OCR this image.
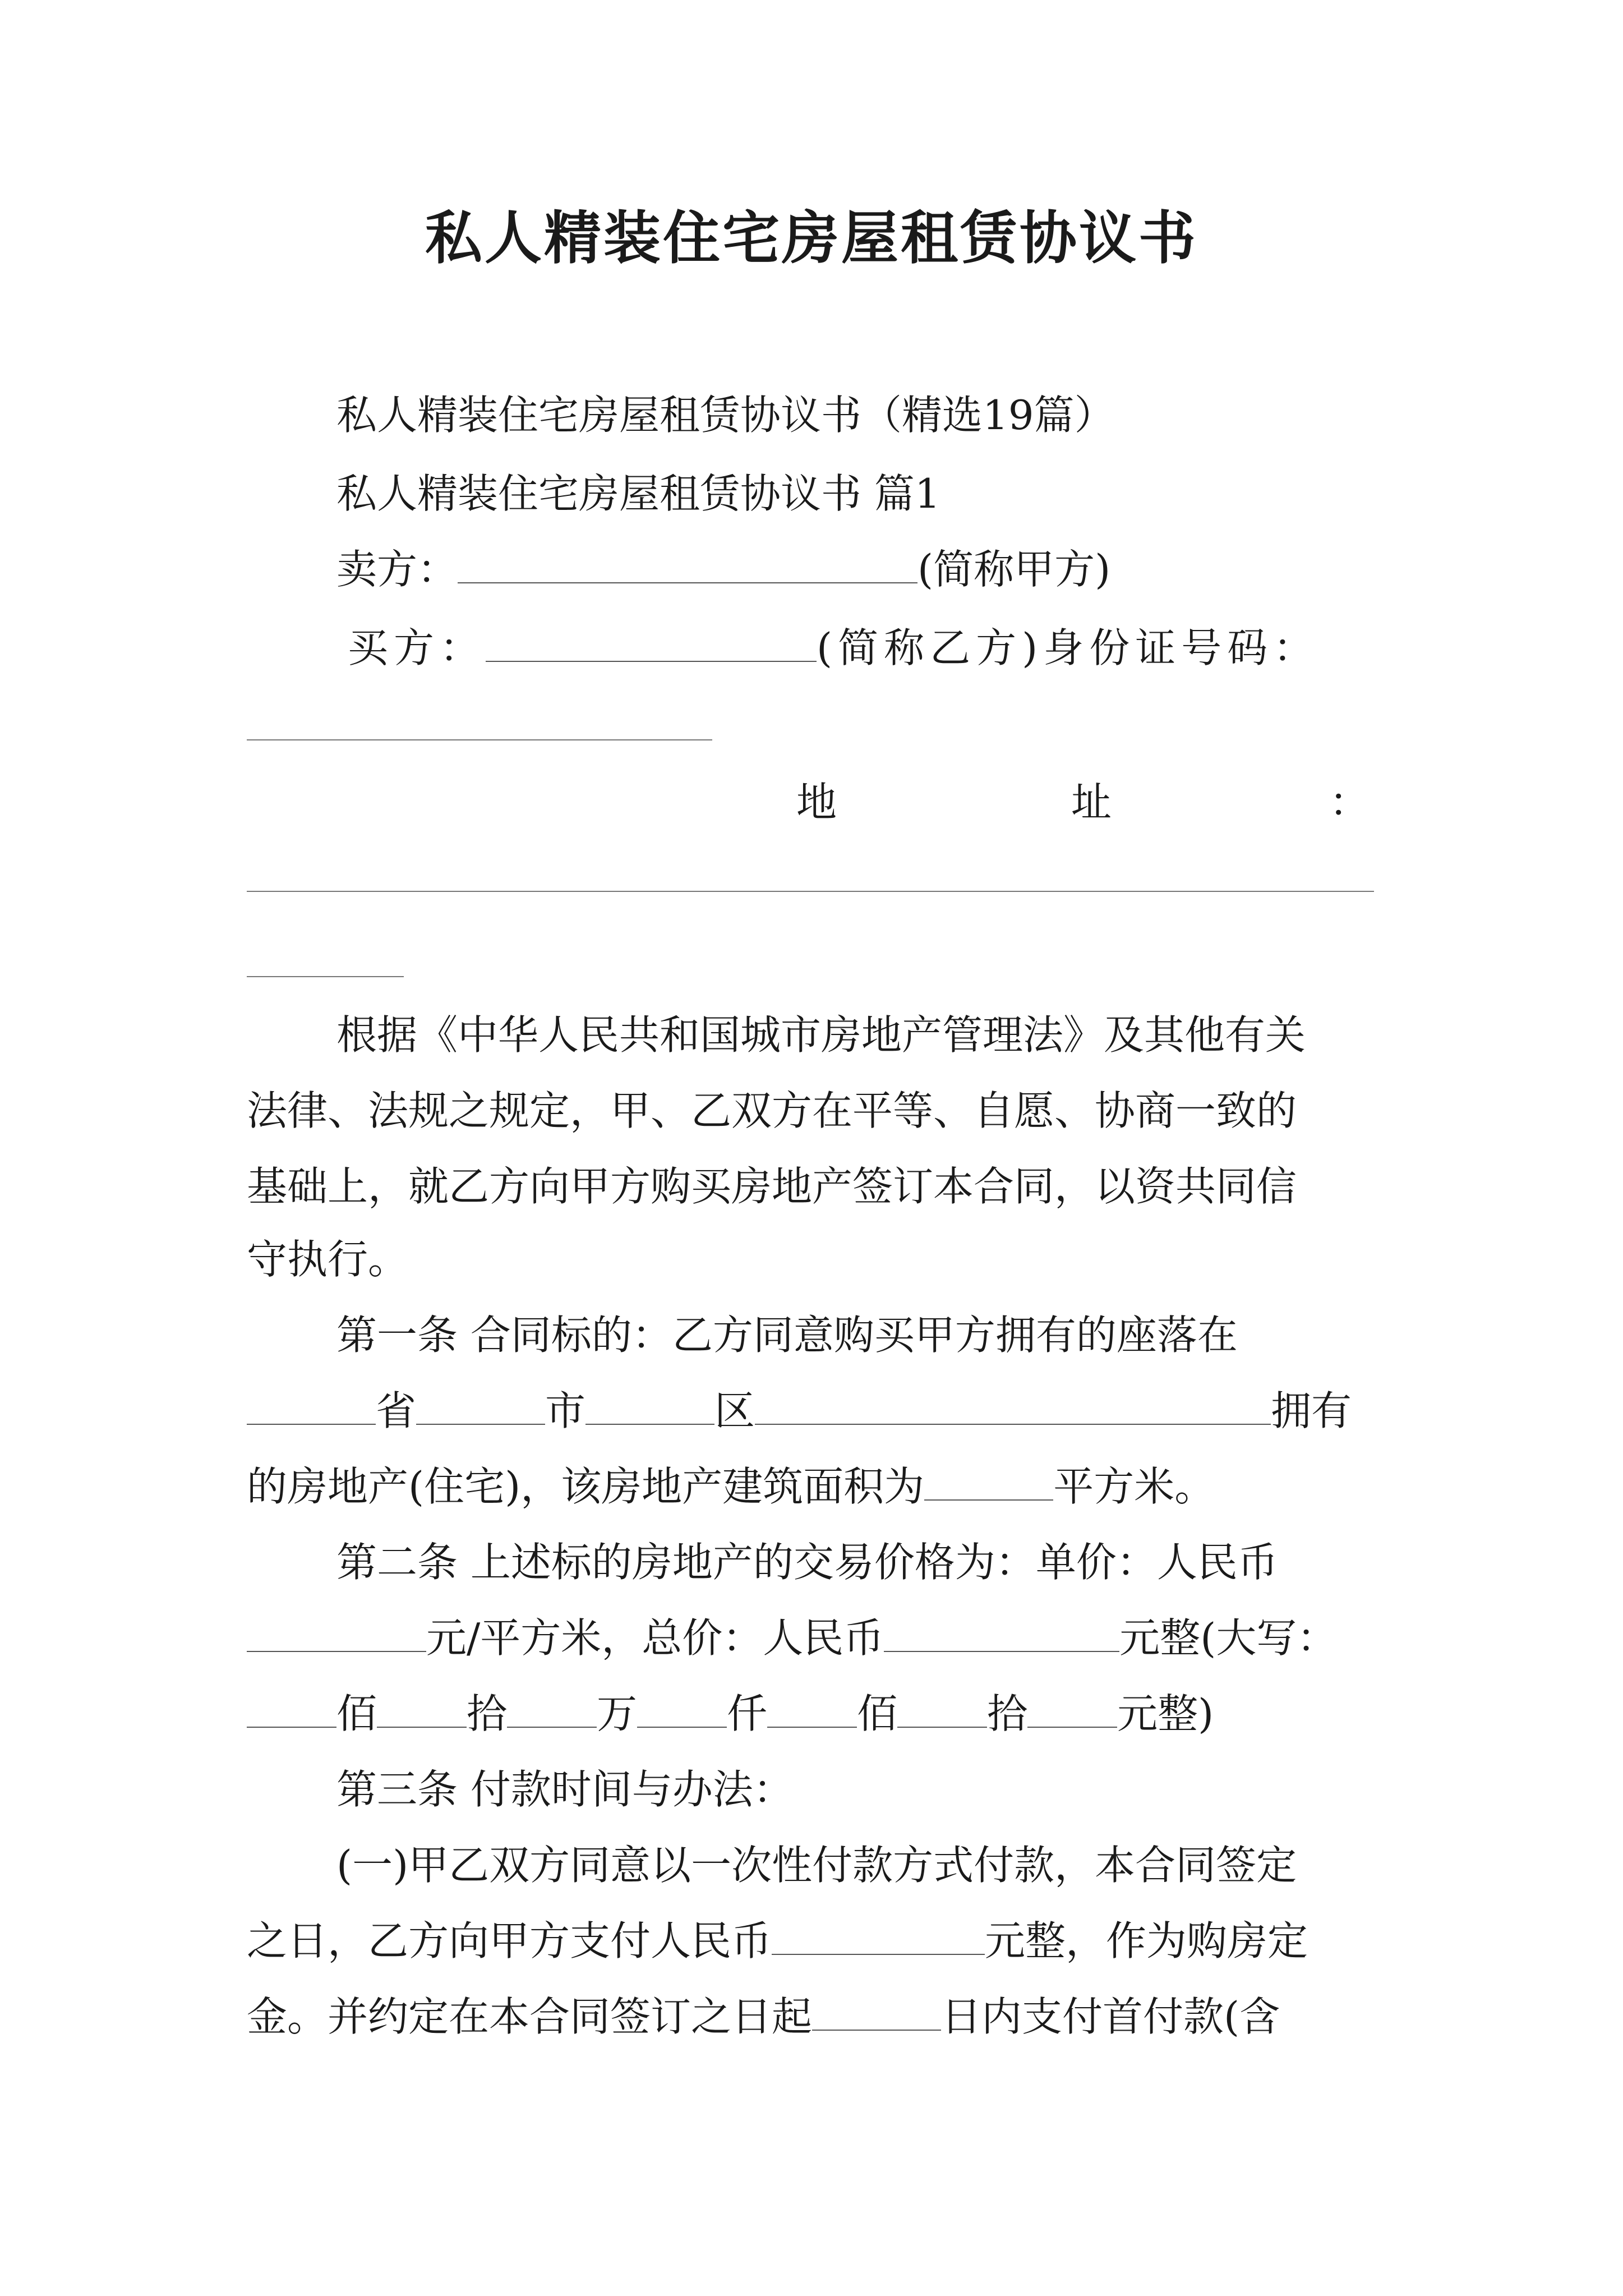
私人精装住宅房屋租赁协议书
私人精装住宅房屋租赁协议书（精选19篇）
私人精装住宅房屋租赁协议书 篇1
卖方：	(简称甲方)
买方：	(简称乙方)身份证号码：
地	址	：
根据《中华人民共和国城市房地产管理法》及其他有关
法律、法规之规定，甲、乙双方在平等、自愿、协商一致的
基础上，就乙方向甲方购买房地产签订本合同，以资共同信
守执行。
第一条 合同标的：乙方同意购买甲方拥有的座落在
省	市	区	拥有
的房地产(住宅)，该房地产建筑面积为	平方米。
第二条 上述标的房地产的交易价格为：单价：人民币
元/平方米，总价：人民币	元整(大写：
佰 拾 万 仟 佰 拾 元整)
第三条 付款时间与办法：
(一)甲乙双方同意以一次性付款方式付款，本合同签定
之日，乙方向甲方支付人民币	元整，作为购房定
金。并约定在本合同签订之日起	日内支付首付款(含
